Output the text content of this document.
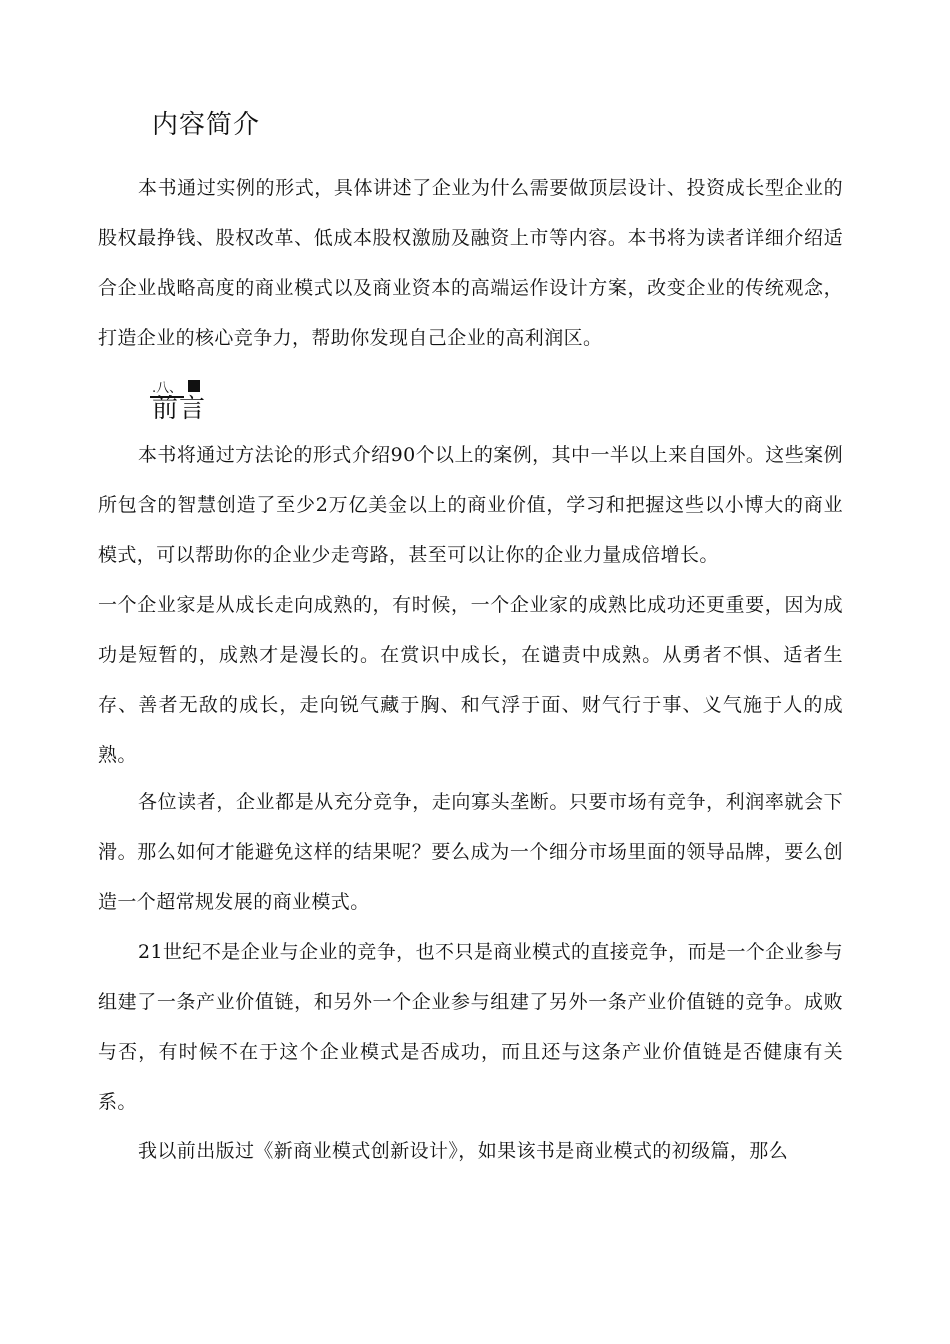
内容简介

本书通过实例的形式，具体讲述了企业为什么需要做顶层设计、投资成长型企业的股权最挣钱、股权改革、低成本股权激励及融资上市等内容。本书将为读者详细介绍适合企业战略高度的商业模式以及商业资本的高端运作设计方案，改变企业的传统观念，打造企业的核心竞争力，帮助你发现自己企业的高利润区。

.八、
前言

本书将通过方法论的形式介绍90个以上的案例，其中一半以上来自国外。这些案例所包含的智慧创造了至少2万亿美金以上的商业价值，学习和把握这些以小博大的商业模式，可以帮助你的企业少走弯路，甚至可以让你的企业力量成倍增长。

一个企业家是从成长走向成熟的，有时候，一个企业家的成熟比成功还更重要，因为成功是短暂的，成熟才是漫长的。在赏识中成长，在谴责中成熟。从勇者不惧、适者生存、善者无敌的成长，走向锐气藏于胸、和气浮于面、财气行于事、义气施于人的成熟。

各位读者，企业都是从充分竞争，走向寡头垄断。只要市场有竞争，利润率就会下滑。那么如何才能避免这样的结果呢？要么成为一个细分市场里面的领导品牌，要么创造一个超常规发展的商业模式。

21世纪不是企业与企业的竞争，也不只是商业模式的直接竞争，而是一个企业参与组建了一条产业价值链，和另外一个企业参与组建了另外一条产业价值链的竞争。成败与否，有时候不在于这个企业模式是否成功，而且还与这条产业价值链是否健康有关系。

我以前出版过《新商业模式创新设计》，如果该书是商业模式的初级篇，那么
